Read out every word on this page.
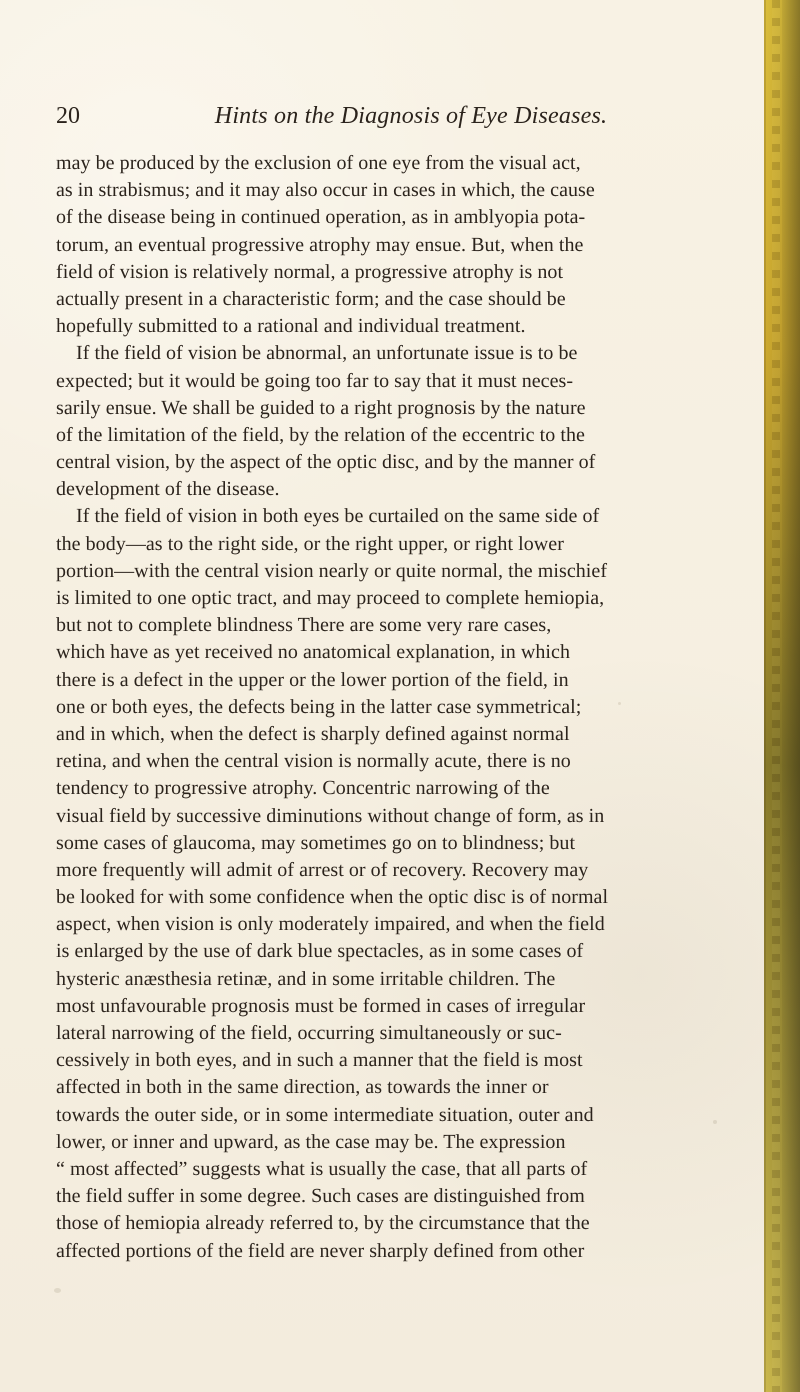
20	Hints on the Diagnosis of Eye Diseases.
may be produced by the exclusion of one eye from the visual act,
as in strabismus; and it may also occur in cases in which, the cause
of the disease being in continued operation, as in amblyopia pota-
torum, an eventual progressive atrophy may ensue. But, when the
field of vision is relatively normal, a progressive atrophy is not
actually present in a characteristic form; and the case should be
hopefully submitted to a rational and individual treatment.
If the field of vision be abnormal, an unfortunate issue is to be
expected; but it would be going too far to say that it must neces-
sarily ensue. We shall be guided to a right prognosis by the nature
of the limitation of the field, by the relation of the eccentric to the
central vision, by the aspect of the optic disc, and by the manner of
development of the disease.
If the field of vision in both eyes be curtailed on the same side of
the body—as to the right side, or the right upper, or right lower
portion—with the central vision nearly or quite normal, the mischief
is limited to one optic tract, and may proceed to complete hemiopia,
but not to complete blindness There are some very rare cases,
which have as yet received no anatomical explanation, in which
there is a defect in the upper or the lower portion of the field, in
one or both eyes, the defects being in the latter case symmetrical;
and in which, when the defect is sharply defined against normal
retina, and when the central vision is normally acute, there is no
tendency to progressive atrophy. Concentric narrowing of the
visual field by successive diminutions without change of form, as in
some cases of glaucoma, may sometimes go on to blindness; but
more frequently will admit of arrest or of recovery. Recovery may
be looked for with some confidence when the optic disc is of normal
aspect, when vision is only moderately impaired, and when the field
is enlarged by the use of dark blue spectacles, as in some cases of
hysteric anæsthesia retinæ, and in some irritable children. The
most unfavourable prognosis must be formed in cases of irregular
lateral narrowing of the field, occurring simultaneously or suc-
cessively in both eyes, and in such a manner that the field is most
affected in both in the same direction, as towards the inner or
towards the outer side, or in some intermediate situation, outer and
lower, or inner and upward, as the case may be. The expression
“ most affected” suggests what is usually the case, that all parts of
the field suffer in some degree. Such cases are distinguished from
those of hemiopia already referred to, by the circumstance that the
affected portions of the field are never sharply defined from other
